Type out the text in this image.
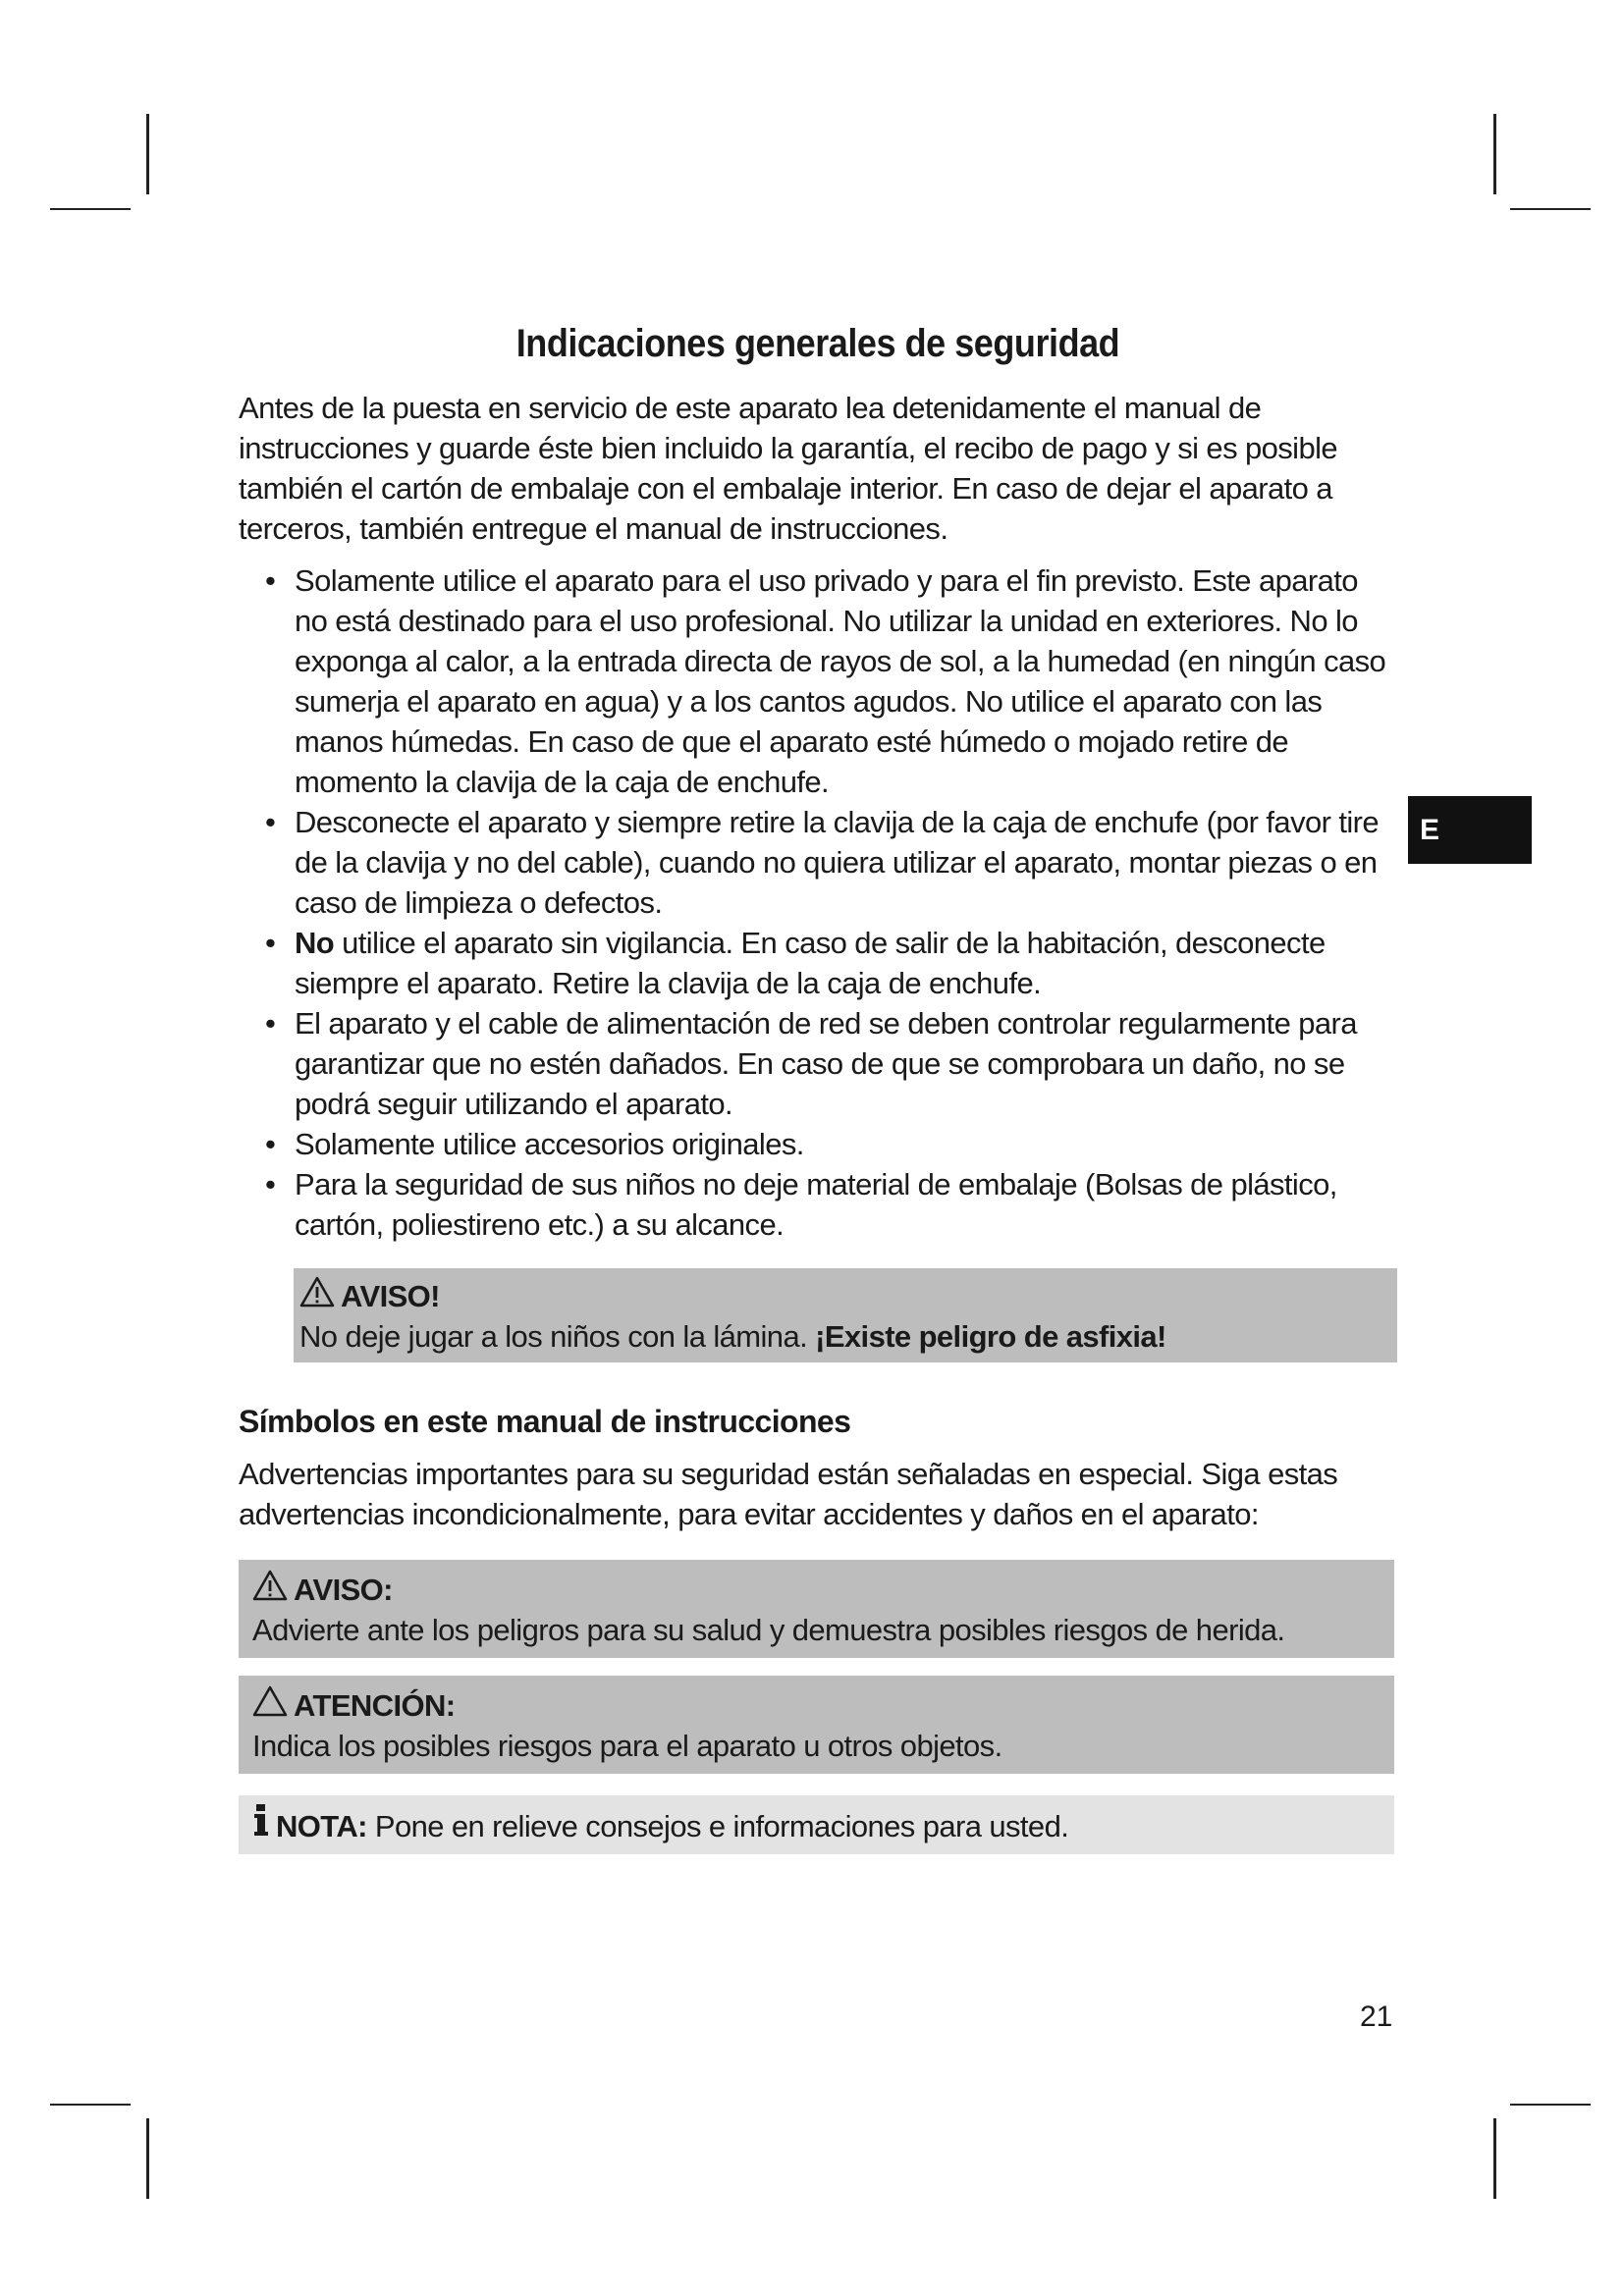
E
Indicaciones generales de seguridad

Antes de la puesta en servicio de este aparato lea detenidamente el manual de instrucciones y guarde éste bien incluido la garantía, el recibo de pago y si es posible también el cartón de embalaje con el embalaje interior. En caso de dejar el aparato a terceros, también entregue el manual de instrucciones.

• Solamente utilice el aparato para el uso privado y para el fin previsto. Este aparato no está destinado para el uso profesional. No utilizar la unidad en exteriores. No lo exponga al calor, a la entrada directa de rayos de sol, a la humedad (en ningún caso sumerja el aparato en agua) y a los cantos agudos. No utilice el aparato con las manos húmedas. En caso de que el aparato esté húmedo o mojado retire de momento la clavija de la caja de enchufe.
• Desconecte el aparato y siempre retire la clavija de la caja de enchufe (por favor tire de la clavija y no del cable), cuando no quiera utilizar el aparato, montar piezas o en caso de limpieza o defectos.
• No utilice el aparato sin vigilancia. En caso de salir de la habitación, desconecte siempre el aparato. Retire la clavija de la caja de enchufe.
• El aparato y el cable de alimentación de red se deben controlar regularmente para garantizar que no estén dañados. En caso de que se comprobara un daño, no se podrá seguir utilizando el aparato.
• Solamente utilice accesorios originales.
• Para la seguridad de sus niños no deje material de embalaje (Bolsas de plástico, cartón, poliestireno etc.) a su alcance.
AVISO!
No deje jugar a los niños con la lámina. ¡Existe peligro de asfixia!
Símbolos en este manual de instrucciones

Advertencias importantes para su seguridad están señaladas en especial. Siga estas advertencias incondicionalmente, para evitar accidentes y daños en el aparato:

AVISO:
Advierte ante los peligros para su salud y demuestra posibles riesgos de herida.
ATENCIÓN:
Indica los posibles riesgos para el aparato u otros objetos.
NOTA: Pone en relieve consejos e informaciones para usted.
21
